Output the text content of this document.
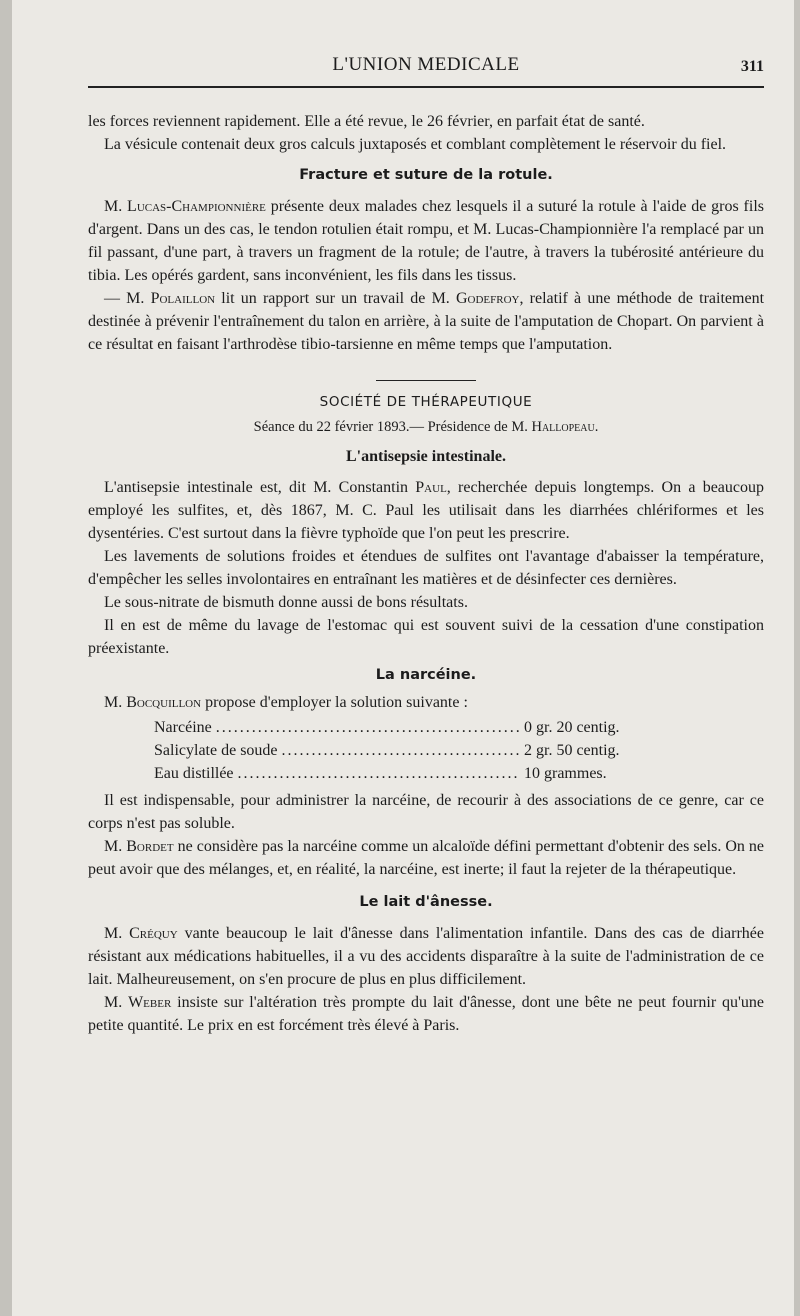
L'UNION MEDICALE	311

les forces reviennent rapidement. Elle a été revue, le 26 février, en parfait état de santé.

La vésicule contenait deux gros calculs juxtaposés et comblant complètement le réservoir du fiel.

Fracture et suture de la rotule.

M. Lucas-Championnière présente deux malades chez lesquels il a suturé la rotule à l'aide de gros fils d'argent. Dans un des cas, le tendon rotulien était rompu, et M. Lucas-Championnière l'a remplacé par un fil passant, d'une part, à travers un fragment de la rotule; de l'autre, à travers la tubérosité antérieure du tibia. Les opérés gardent, sans inconvénient, les fils dans les tissus.

— M. Polaillon lit un rapport sur un travail de M. Godefroy, relatif à une méthode de traitement destinée à prévenir l'entraînement du talon en arrière, à la suite de l'amputation de Chopart. On parvient à ce résultat en faisant l'arthrodèse tibio-tarsienne en même temps que l'amputation.

SOCIÉTÉ DE THÉRAPEUTIQUE
Séance du 22 février 1893.— Présidence de M. Hallopeau.
L'antisepsie intestinale.

L'antisepsie intestinale est, dit M. Constantin Paul, recherchée depuis longtemps. On a beaucoup employé les sulfites, et, dès 1867, M. C. Paul les utilisait dans les diarrhées chlériformes et les dysentéries. C'est surtout dans la fièvre typhoïde que l'on peut les prescrire.

Les lavements de solutions froides et étendues de sulfites ont l'avantage d'abaisser la température, d'empêcher les selles involontaires en entraînant les matières et de désinfecter ces dernières.

Le sous-nitrate de bismuth donne aussi de bons résultats.

Il en est de même du lavage de l'estomac qui est souvent suivi de la cessation d'une constipation préexistante.

La narcéine.

M. Bocquillon propose d'employer la solution suivante :

Narcéine .....	0 gr. 20 centig.
Salicylate de soude .....	2 gr. 50 centig.
Eau distillée .....	10 grammes.

Il est indispensable, pour administrer la narcéine, de recourir à des associations de ce genre, car ce corps n'est pas soluble.

M. Bordet ne considère pas la narcéine comme un alcaloïde défini permettant d'obtenir des sels. On ne peut avoir que des mélanges, et, en réalité, la narcéine, est inerte; il faut la rejeter de la thérapeutique.

Le lait d'ânesse.

M. Créquy vante beaucoup le lait d'ânesse dans l'alimentation infantile. Dans des cas de diarrhée résistant aux médications habituelles, il a vu des accidents disparaître à la suite de l'administration de ce lait. Malheureusement, on s'en procure de plus en plus difficilement.

M. Weber insiste sur l'altération très prompte du lait d'ânesse, dont une bête ne peut fournir qu'une petite quantité. Le prix en est forcément très élevé à Paris.
